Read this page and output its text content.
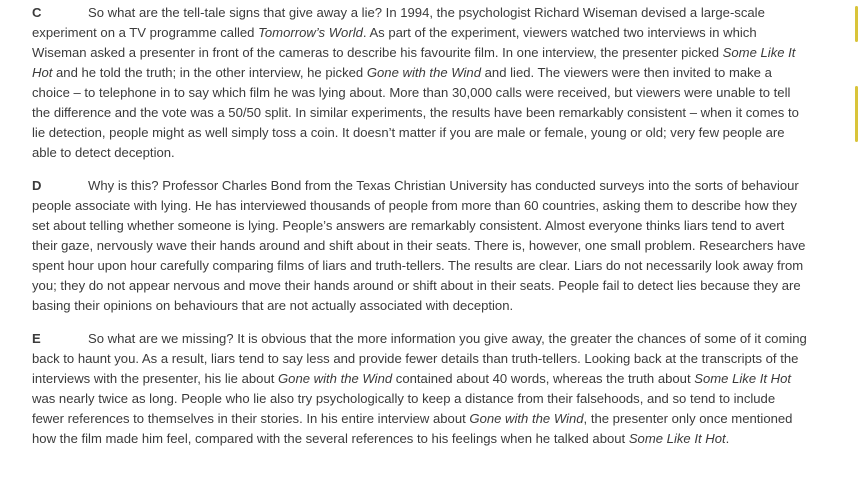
C	So what are the tell-tale signs that give away a lie? In 1994, the psychologist Richard Wiseman devised a large-scale experiment on a TV programme called Tomorrow’s World. As part of the experiment, viewers watched two interviews in which Wiseman asked a presenter in front of the cameras to describe his favourite film. In one interview, the presenter picked Some Like It Hot and he told the truth; in the other interview, he picked Gone with the Wind and lied. The viewers were then invited to make a choice – to telephone in to say which film he was lying about. More than 30,000 calls were received, but viewers were unable to tell the difference and the vote was a 50/50 split. In similar experiments, the results have been remarkably consistent – when it comes to lie detection, people might as well simply toss a coin. It doesn’t matter if you are male or female, young or old; very few people are able to detect deception.

D	Why is this? Professor Charles Bond from the Texas Christian University has conducted surveys into the sorts of behaviour people associate with lying. He has interviewed thousands of people from more than 60 countries, asking them to describe how they set about telling whether someone is lying. People’s answers are remarkably consistent. Almost everyone thinks liars tend to avert their gaze, nervously wave their hands around and shift about in their seats. There is, however, one small problem. Researchers have spent hour upon hour carefully comparing films of liars and truth-tellers. The results are clear. Liars do not necessarily look away from you; they do not appear nervous and move their hands around or shift about in their seats. People fail to detect lies because they are basing their opinions on behaviours that are not actually associated with deception.

E	So what are we missing? It is obvious that the more information you give away, the greater the chances of some of it coming back to haunt you. As a result, liars tend to say less and provide fewer details than truth-tellers. Looking back at the transcripts of the interviews with the presenter, his lie about Gone with the Wind contained about 40 words, whereas the truth about Some Like It Hot was nearly twice as long. People who lie also try psychologically to keep a distance from their falsehoods, and so tend to include fewer references to themselves in their stories. In his entire interview about Gone with the Wind, the presenter only once mentioned how the film made him feel, compared with the several references to his feelings when he talked about Some Like It Hot.
